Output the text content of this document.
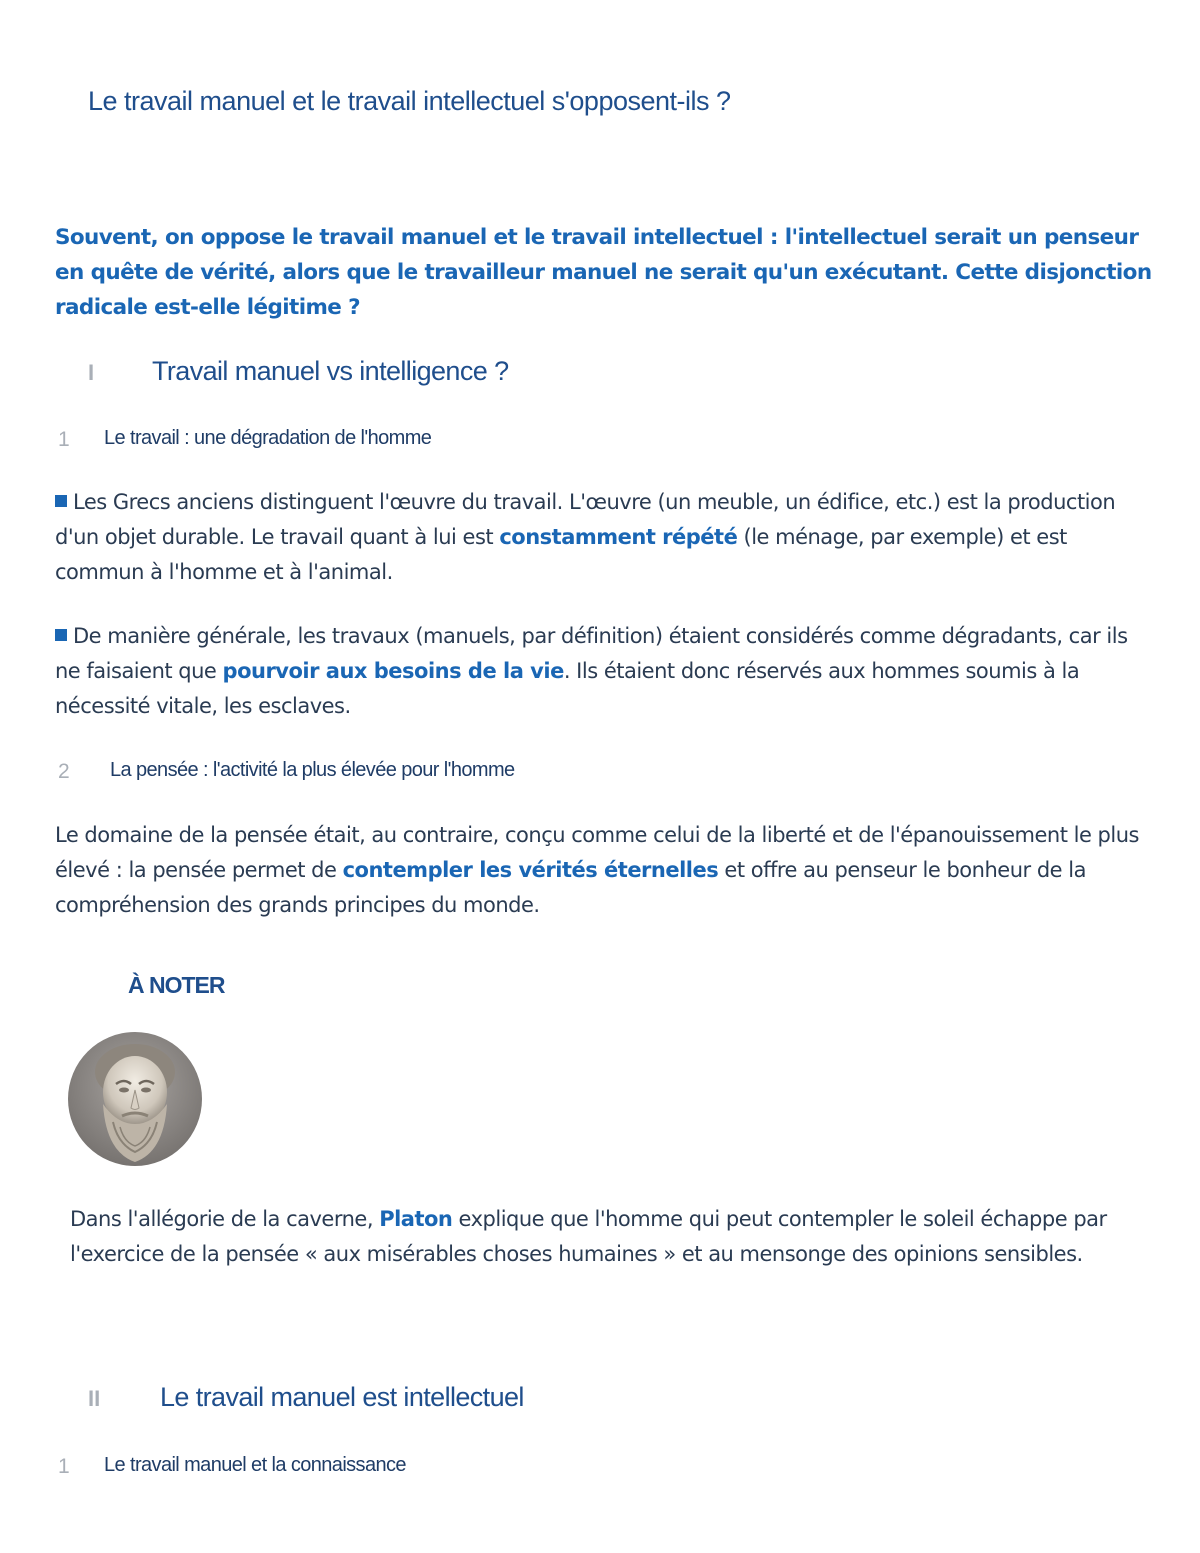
Le travail manuel et le travail intellectuel s'opposent-ils ?

Souvent, on oppose le travail manuel et le travail intellectuel : l'intellectuel serait un penseur en quête de vérité, alors que le travailleur manuel ne serait qu'un exécutant. Cette disjonction radicale est-elle légitime ?

I Travail manuel vs intelligence ?
1 Le travail : une dégradation de l'homme

Les Grecs anciens distinguent l'œuvre du travail. L'œuvre (un meuble, un édifice, etc.) est la production d'un objet durable. Le travail quant à lui est constamment répété (le ménage, par exemple) et est commun à l'homme et à l'animal.

De manière générale, les travaux (manuels, par définition) étaient considérés comme dégradants, car ils ne faisaient que pourvoir aux besoins de la vie. Ils étaient donc réservés aux hommes soumis à la nécessité vitale, les esclaves.

2 La pensée : l'activité la plus élevée pour l'homme

Le domaine de la pensée était, au contraire, conçu comme celui de la liberté et de l'épanouissement le plus élevé : la pensée permet de contempler les vérités éternelles et offre au penseur le bonheur de la compréhension des grands principes du monde.

À NOTER

Dans l'allégorie de la caverne, Platon explique que l'homme qui peut contempler le soleil échappe par l'exercice de la pensée « aux misérables choses humaines » et au mensonge des opinions sensibles.

II Le travail manuel est intellectuel
1 Le travail manuel et la connaissance
